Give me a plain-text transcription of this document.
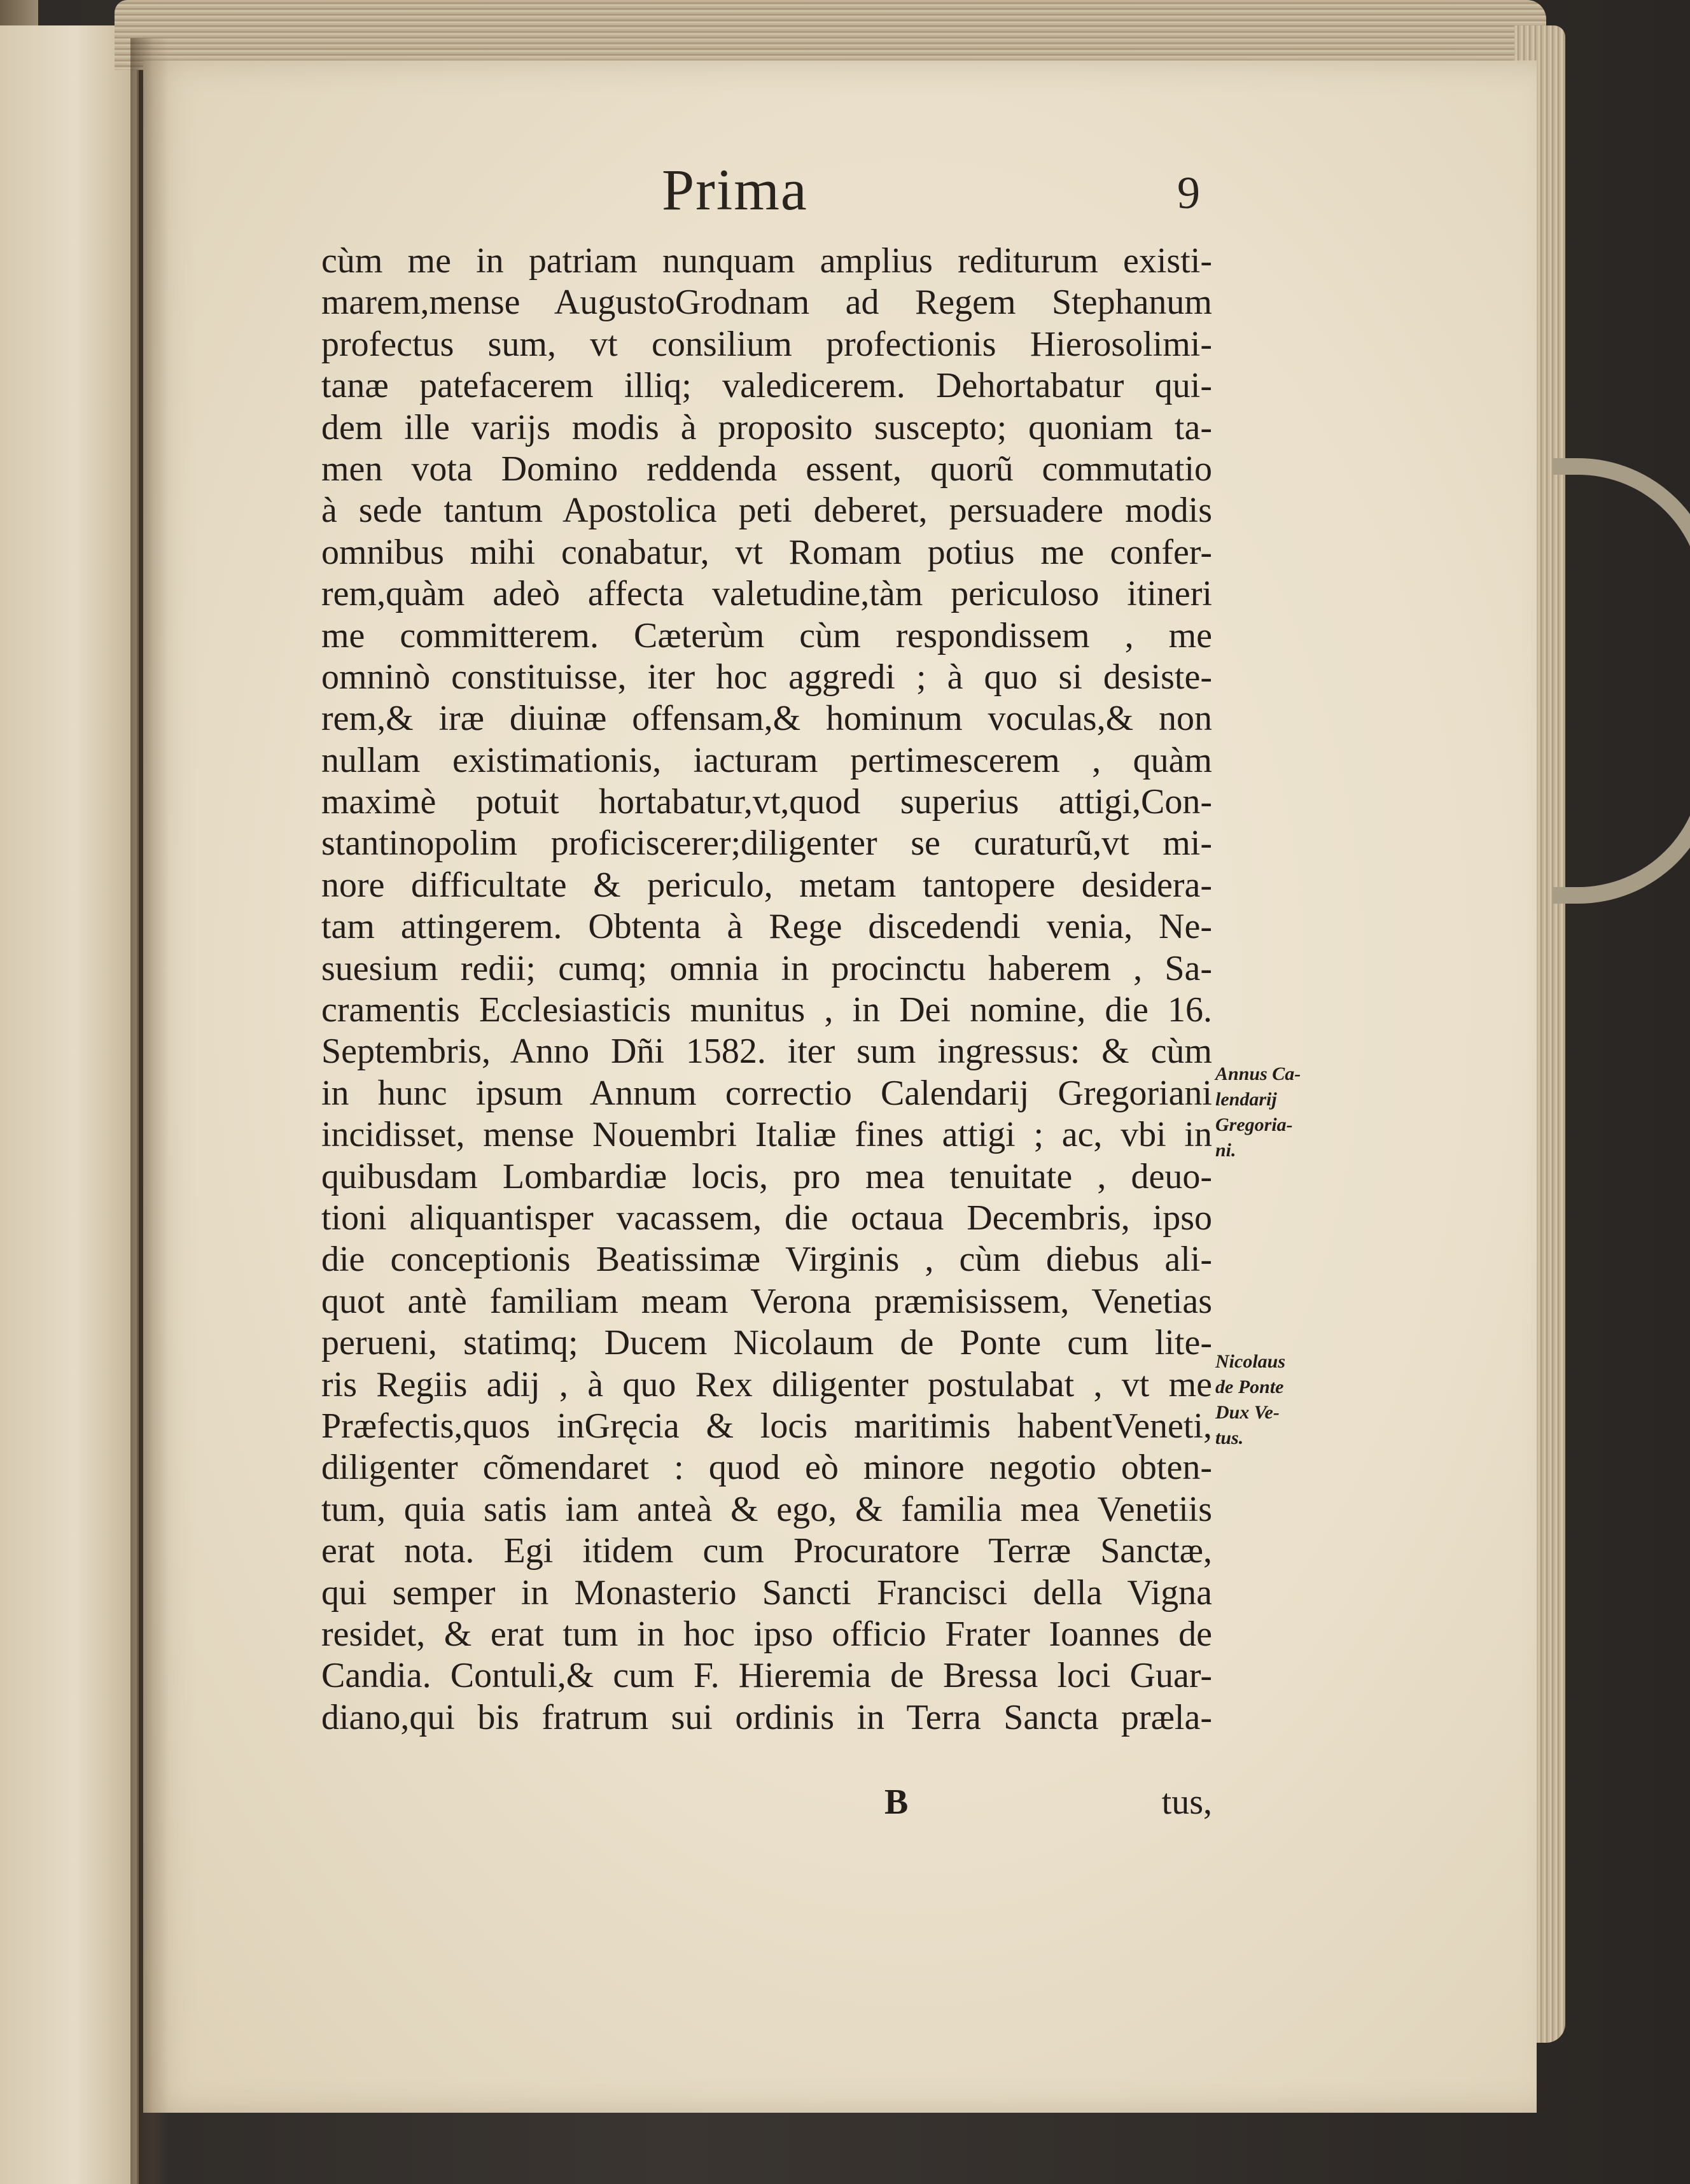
Prima	9
cùm me in patriam nunquam amplius rediturum existi-
marem,mense AugustoGrodnam ad Regem Stephanum
profectus sum, vt consilium profectionis Hierosolimi-
tanæ patefacerem illiq; valedicerem. Dehortabatur qui-
dem ille varijs modis à proposito suscepto; quoniam ta-
men vota Domino reddenda essent, quorũ commutatio
à sede tantum Apostolica peti deberet, persuadere modis
omnibus mihi conabatur, vt Romam potius me confer-
rem,quàm adeò affecta valetudine,tàm periculoso itineri
me committerem. Cæterùm cùm respondissem , me
omninò constituisse, iter hoc aggredi ; à quo si desiste-
rem,& iræ diuinæ offensam,& hominum voculas,& non
nullam existimationis, iacturam pertimescerem , quàm
maximè potuit hortabatur,vt,quod superius attigi,Con-
stantinopolim proficiscerer;diligenter se curaturũ,vt mi-
nore difficultate & periculo, metam tantopere desidera-
tam attingerem. Obtenta à Rege discedendi venia, Ne-
suesium redii; cumq; omnia in procinctu haberem , Sa-
cramentis Ecclesiasticis munitus , in Dei nomine, die 16.
Septembris, Anno Dñi 1582. iter sum ingressus: & cùm
in hunc ipsum Annum correctio Calendarij Gregoriani
incidisset, mense Nouembri Italiæ fines attigi ; ac, vbi in
quibusdam Lombardiæ locis, pro mea tenuitate , deuo-
tioni aliquantisper vacassem, die octaua Decembris, ipso
die conceptionis Beatissimæ Virginis , cùm diebus ali-
quot antè familiam meam Verona præmisissem, Venetias
perueni, statimq; Ducem Nicolaum de Ponte cum lite-
ris Regiis adij , à quo Rex diligenter postulabat , vt me
Præfectis,quos inGręcia & locis maritimis habentVeneti,
diligenter cõmendaret : quod eò minore negotio obten-
tum, quia satis iam anteà & ego, & familia mea Venetiis
erat nota. Egi itidem cum Procuratore Terræ Sanctæ,
qui semper in Monasterio Sancti Francisci della Vigna
residet, & erat tum in hoc ipso officio Frater Ioannes de
Candia. Contuli,& cum F. Hieremia de Bressa loci Guar-
diano,qui bis fratrum sui ordinis in Terra Sancta præla-
B	tus,
Annus Ca-
lendarij
Gregoria-
ni.
Nicolaus
de Ponte
Dux Ve-
tus.
